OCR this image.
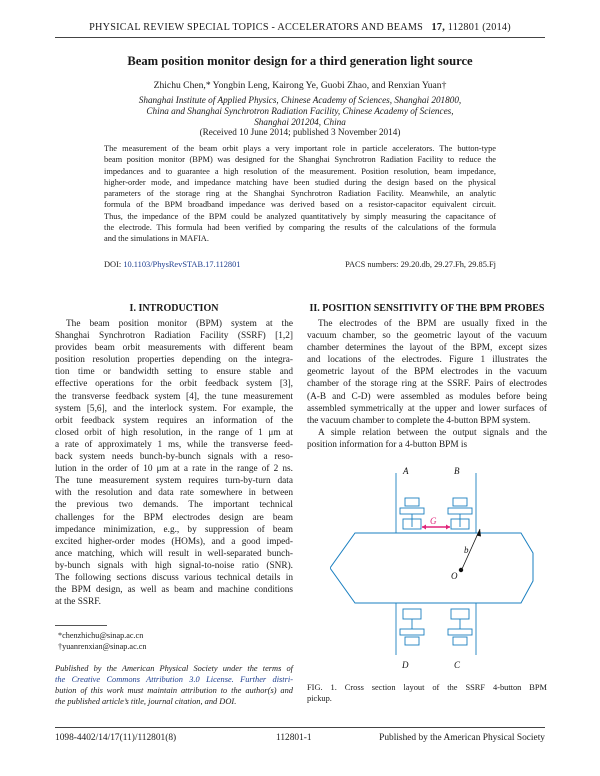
PHYSICAL REVIEW SPECIAL TOPICS - ACCELERATORS AND BEAMS 17, 112801 (2014)
Beam position monitor design for a third generation light source
Zhichu Chen,* Yongbin Leng, Kairong Ye, Guobi Zhao, and Renxian Yuan†
Shanghai Institute of Applied Physics, Chinese Academy of Sciences, Shanghai 201800,
China and Shanghai Synchrotron Radiation Facility, Chinese Academy of Sciences,
Shanghai 201204, China
(Received 10 June 2014; published 3 November 2014)
The measurement of the beam orbit plays a very important role in particle accelerators. The button-type
beam position monitor (BPM) was designed for the Shanghai Synchrotron Radiation Facility to reduce the
impedances and to guarantee a high resolution of the measurement. Position resolution, beam impedance,
higher-order mode, and impedance matching have been studied during the design based on the physical
parameters of the storage ring at the Shanghai Synchrotron Radiation Facility. Meanwhile, an analytic
formula of the BPM broadband impedance was derived based on a resistor-capacitor equivalent circuit.
Thus, the impedance of the BPM could be analyzed quantitatively by simply measuring the capacitance of
the electrode. This formula had been verified by comparing the results of the calculations of the formula
and the simulations in MAFIA.
DOI: 10.1103/PhysRevSTAB.17.112801	PACS numbers: 29.20.db, 29.27.Fh, 29.85.Fj
I. INTRODUCTION
The beam position monitor (BPM) system at the
Shanghai Synchrotron Radiation Facility (SSRF) [1,2]
provides beam orbit measurements with different beam
position resolution properties depending on the integra-
tion time or bandwidth setting to ensure stable and
effective operations for the orbit feedback system [3],
the transverse feedback system [4], the tune measurement
system [5,6], and the interlock system. For example, the
orbit feedback system requires an information of the
closed orbit of high resolution, in the range of 1 μm at
a rate of approximately 1 ms, while the transverse feed-
back system needs bunch-by-bunch signals with a reso-
lution in the order of 10 μm at a rate in the range of 2 ns.
The tune measurement system requires turn-by-turn data
with the resolution and data rate somewhere in between
the previous two demands. The important technical
challenges for the BPM electrodes design are beam
impedance minimization, e.g., by suppression of beam
excited higher-order modes (HOMs), and a good imped-
ance matching, which will result in well-separated bunch-
by-bunch signals with high signal-to-noise ratio (SNR).
The following sections discuss various technical details in
the BPM design, as well as beam and machine conditions
at the SSRF.
*chenzhichu@sinap.ac.cn
†yuanrenxian@sinap.ac.cn
Published by the American Physical Society under the terms of
the Creative Commons Attribution 3.0 License. Further distri-
bution of this work must maintain attribution to the author(s) and
the published article’s title, journal citation, and DOI.
II. POSITION SENSITIVITY OF THE BPM PROBES
The electrodes of the BPM are usually fixed in the
vacuum chamber, so the geometric layout of the vacuum
chamber determines the layout of the BPM, except sizes
and locations of the electrodes. Figure 1 illustrates the
geometric layout of the BPM electrodes in the vacuum
chamber of the storage ring at the SSRF. Pairs of electrodes
(A-B and C-D) were assembled as modules before being
assembled symmetrically at the upper and lower surfaces of
the vacuum chamber to complete the 4-button BPM system.
A simple relation between the output signals and the
position information for a 4-button BPM is
G
A	B
b
O
D	C
FIG. 1. Cross section layout of the SSRF 4-button BPM
pickup.
1098-4402/14/17(11)/112801(8)	112801-1	Published by the American Physical Society
